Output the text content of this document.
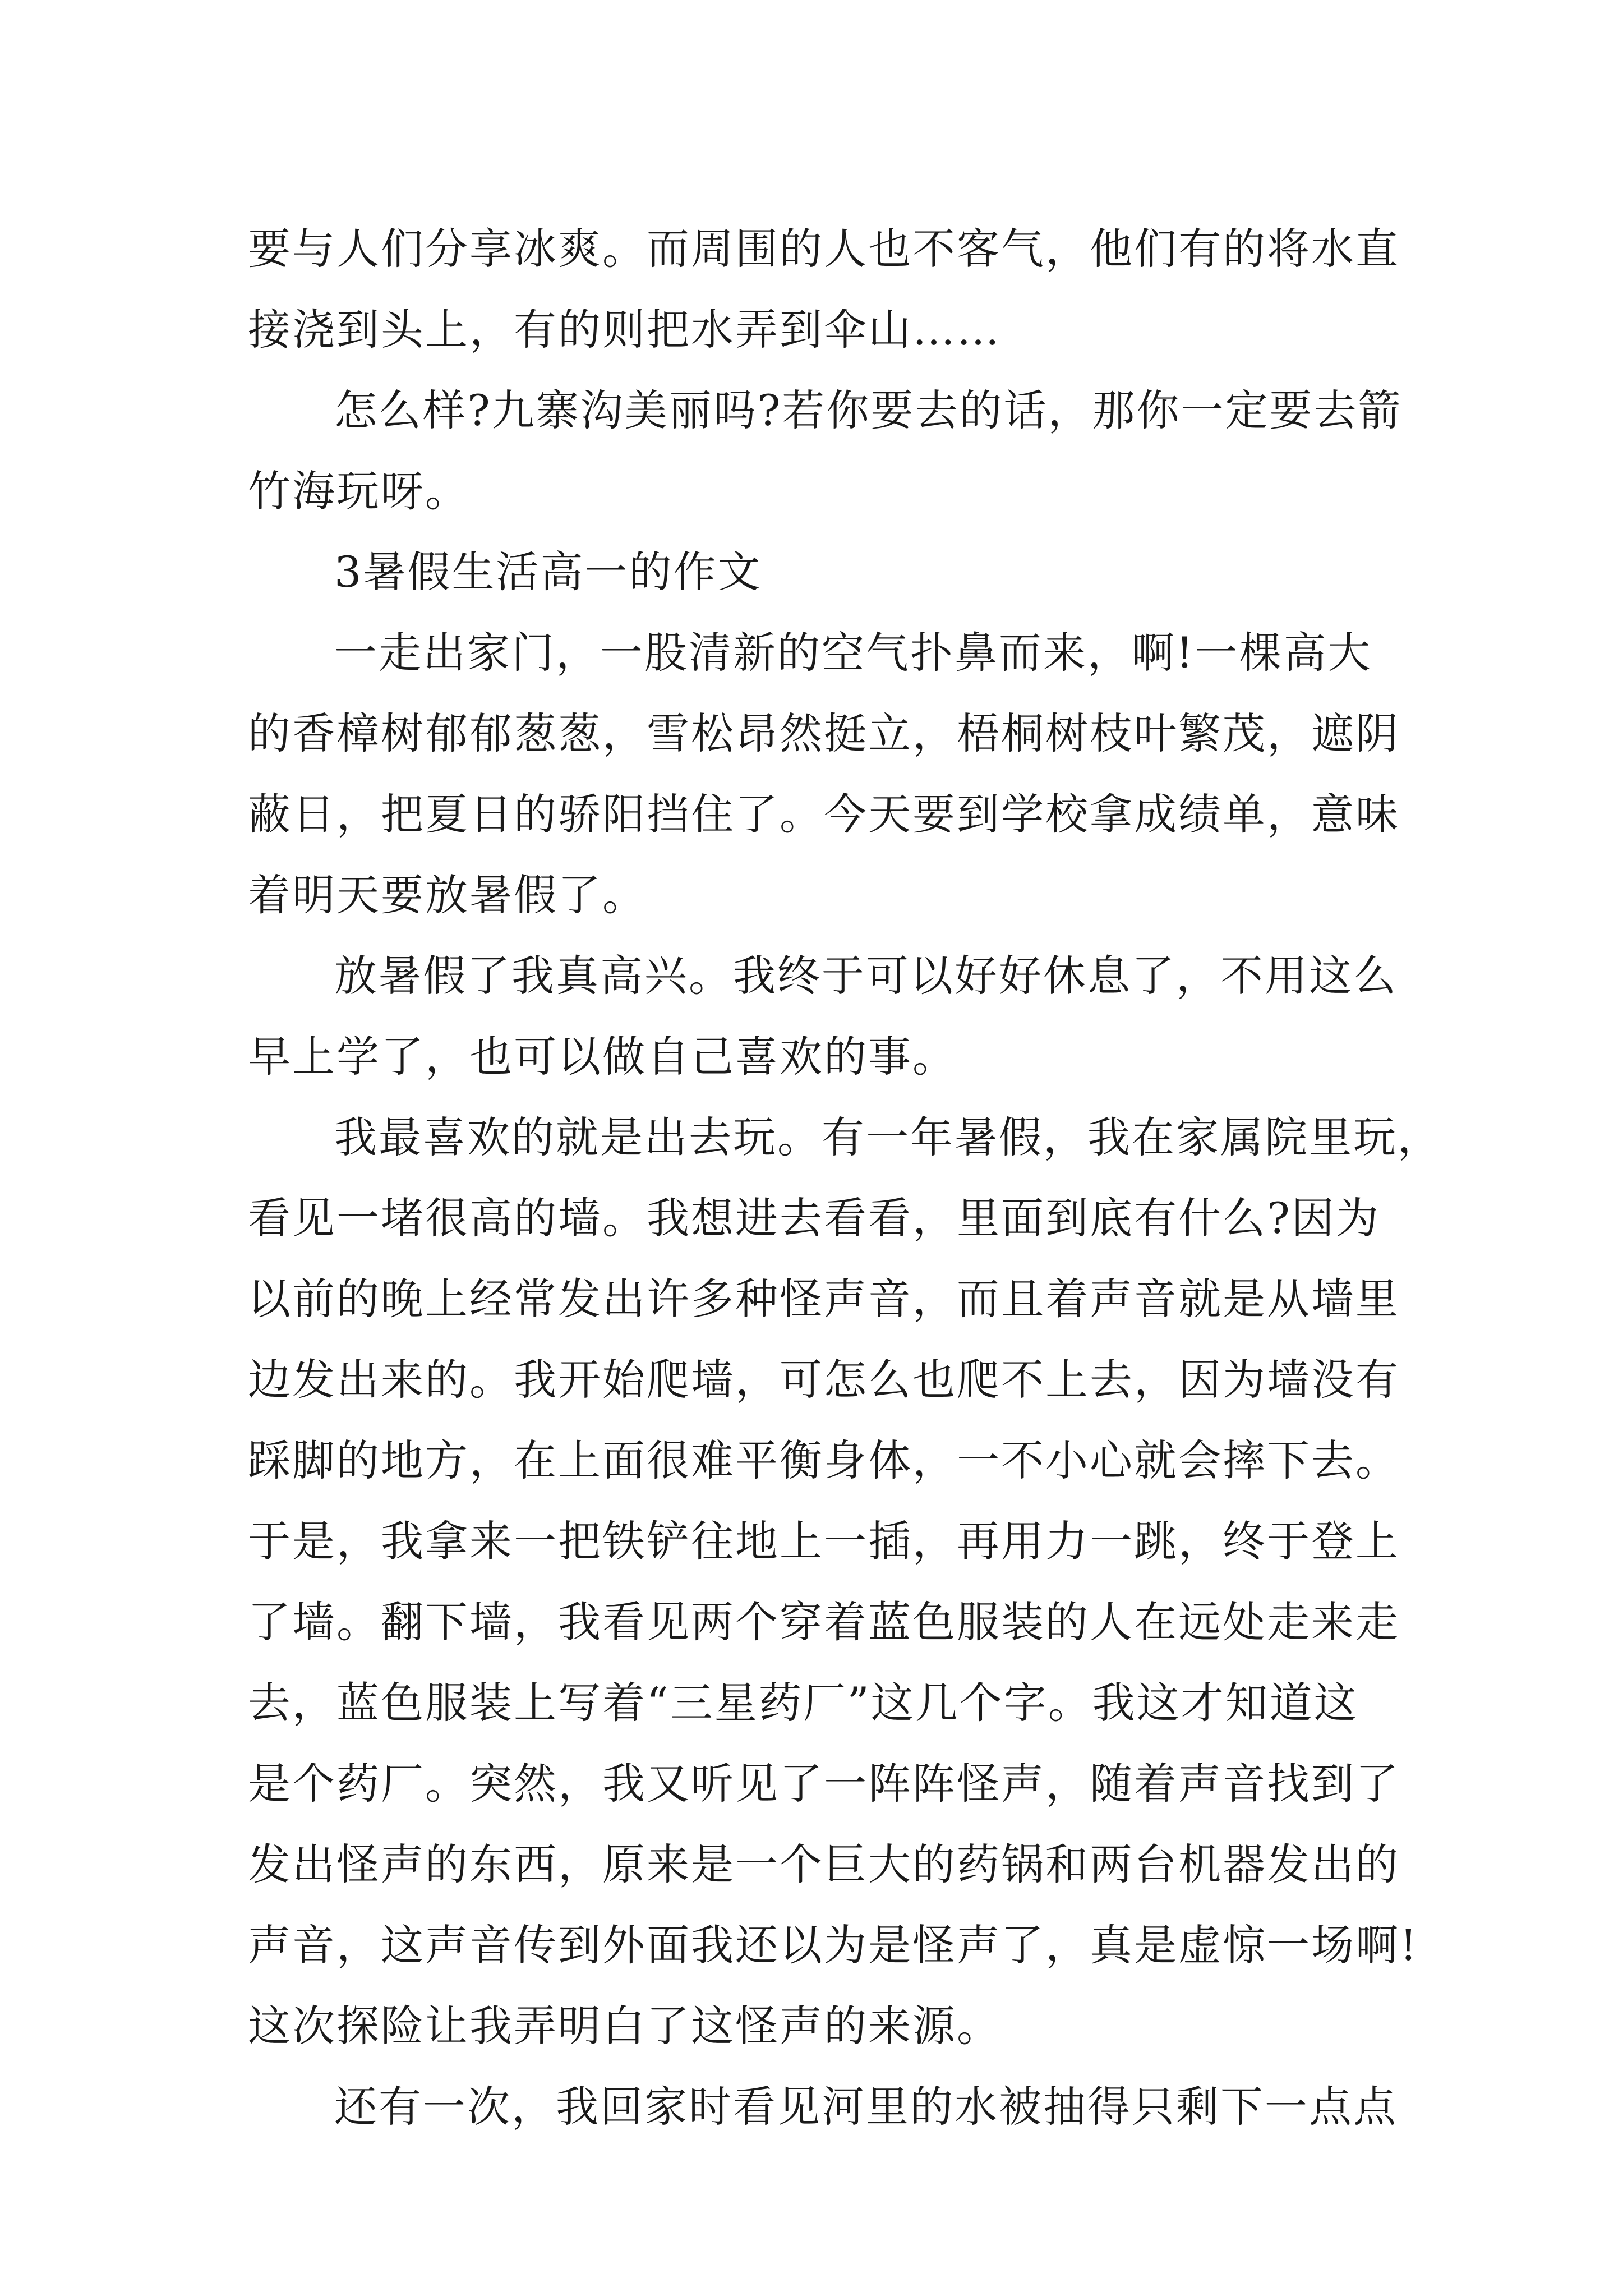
要与人们分享冰爽。而周围的人也不客气，他们有的将水直
接浇到头上，有的则把水弄到伞山……
怎么样?九寨沟美丽吗?若你要去的话，那你一定要去箭
竹海玩呀。
3暑假生活高一的作文
一走出家门，一股清新的空气扑鼻而来，啊!一棵高大
的香樟树郁郁葱葱，雪松昂然挺立，梧桐树枝叶繁茂，遮阴
蔽日，把夏日的骄阳挡住了。今天要到学校拿成绩单，意味
着明天要放暑假了。
放暑假了我真高兴。我终于可以好好休息了，不用这么
早上学了，也可以做自己喜欢的事。
我最喜欢的就是出去玩。有一年暑假，我在家属院里玩，
看见一堵很高的墙。我想进去看看，里面到底有什么?因为
以前的晚上经常发出许多种怪声音，而且着声音就是从墙里
边发出来的。我开始爬墙，可怎么也爬不上去，因为墙没有
踩脚的地方，在上面很难平衡身体，一不小心就会摔下去。
于是，我拿来一把铁铲往地上一插，再用力一跳，终于登上
了墙。翻下墙，我看见两个穿着蓝色服装的人在远处走来走
去，蓝色服装上写着“三星药厂”这几个字。我这才知道这
是个药厂。突然，我又听见了一阵阵怪声，随着声音找到了
发出怪声的东西，原来是一个巨大的药锅和两台机器发出的
声音，这声音传到外面我还以为是怪声了，真是虚惊一场啊!
这次探险让我弄明白了这怪声的来源。
还有一次，我回家时看见河里的水被抽得只剩下一点点
